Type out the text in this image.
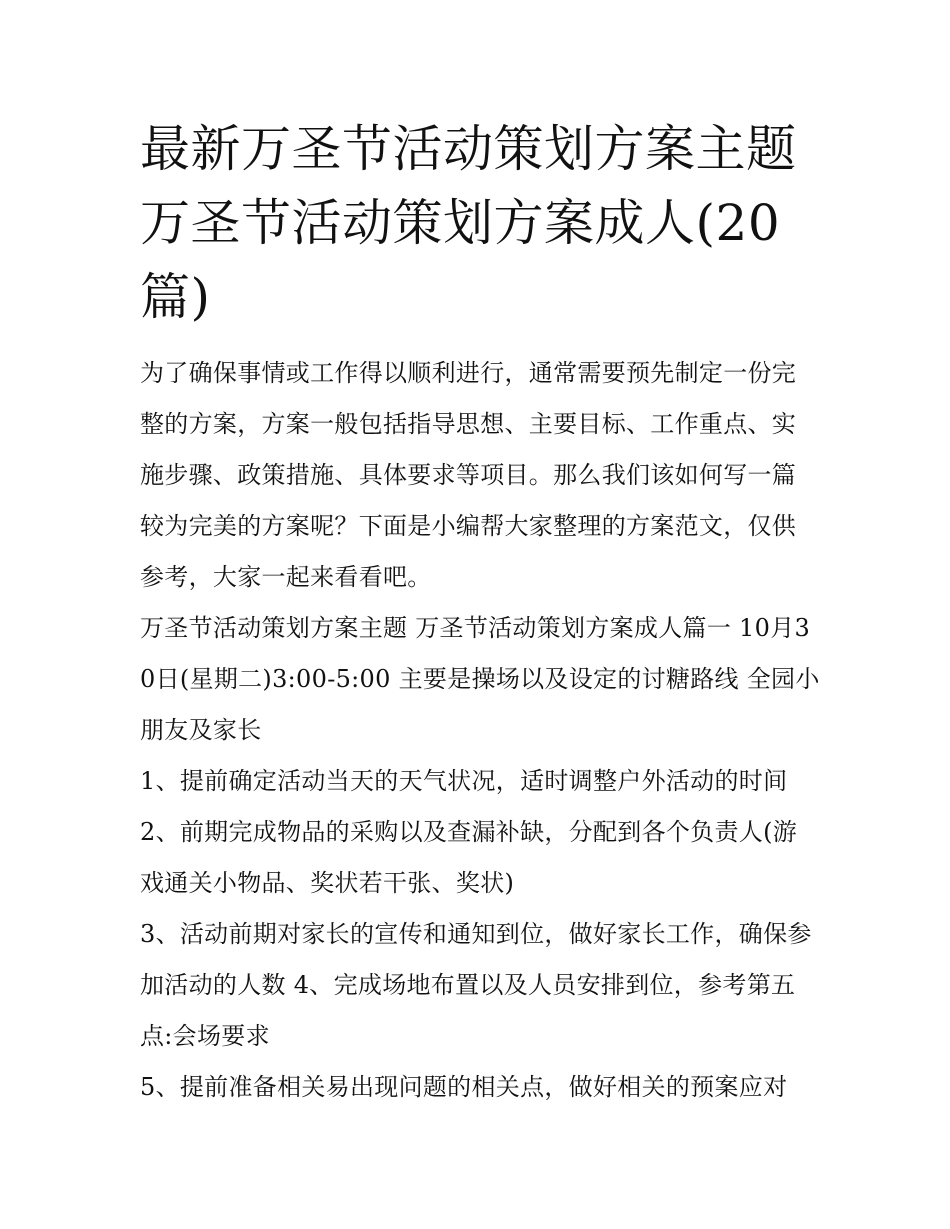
最新万圣节活动策划方案主题 万圣节活动策划方案成人(20篇)

为了确保事情或工作得以顺利进行，通常需要预先制定一份完整的方案，方案一般包括指导思想、主要目标、工作重点、实施步骤、政策措施、具体要求等项目。那么我们该如何写一篇较为完美的方案呢？下面是小编帮大家整理的方案范文，仅供参考，大家一起来看看吧。

万圣节活动策划方案主题 万圣节活动策划方案成人篇一 10月30日(星期二)3:00-5:00 主要是操场以及设定的讨糖路线 全园小朋友及家长

1、提前确定活动当天的天气状况，适时调整户外活动的时间

2、前期完成物品的采购以及查漏补缺，分配到各个负责人(游戏通关小物品、奖状若干张、奖状)

3、活动前期对家长的宣传和通知到位，做好家长工作，确保参加活动的人数 4、完成场地布置以及人员安排到位，参考第五点:会场要求

5、提前准备相关易出现问题的相关点，做好相关的预案应对
